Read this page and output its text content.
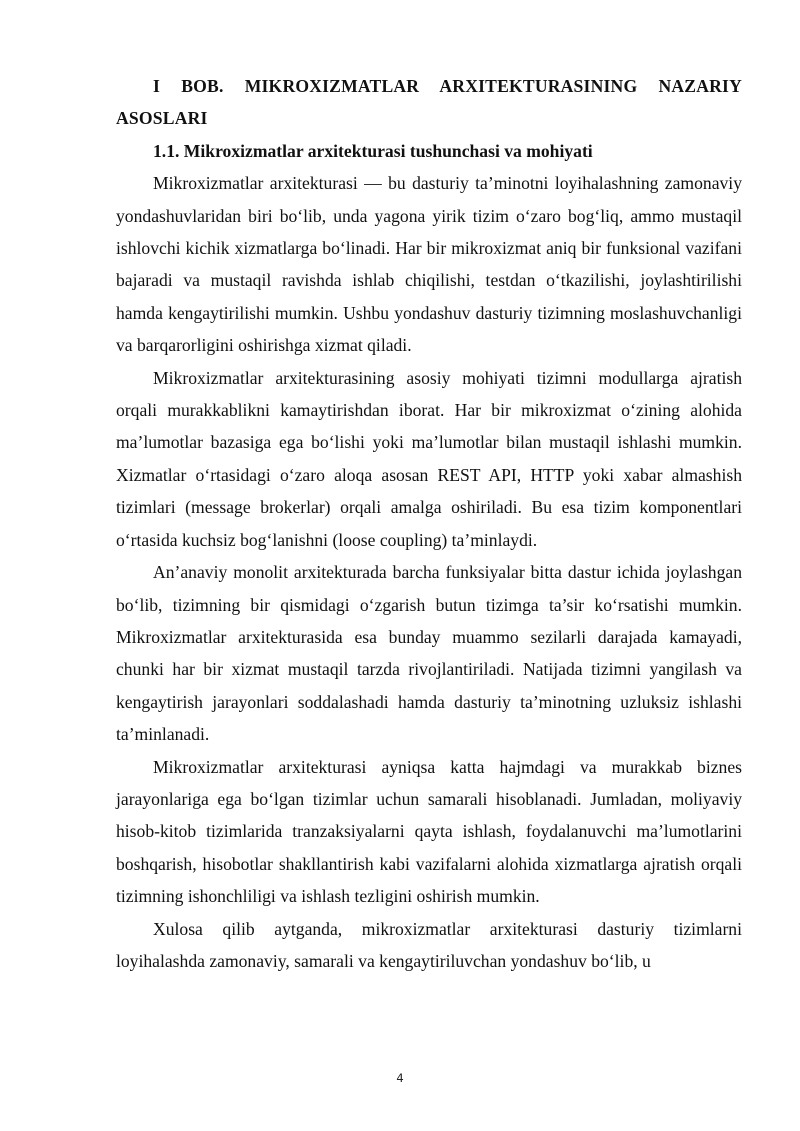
I BOB. MIKROXIZMATLAR ARXITEKTURASINING NAZARIY ASOSLARI

1.1. Mikroxizmatlar arxitekturasi tushunchasi va mohiyati

Mikroxizmatlar arxitekturasi — bu dasturiy ta’minotni loyihalashning zamonaviy yondashuvlaridan biri bo‘lib, unda yagona yirik tizim o‘zaro bog‘liq, ammo mustaqil ishlovchi kichik xizmatlarga bo‘linadi. Har bir mikroxizmat aniq bir funksional vazifani bajaradi va mustaqil ravishda ishlab chiqilishi, testdan o‘tkazilishi, joylashtirilishi hamda kengaytirilishi mumkin. Ushbu yondashuv dasturiy tizimning moslashuvchanligi va barqarorligini oshirishga xizmat qiladi.

Mikroxizmatlar arxitekturasining asosiy mohiyati tizimni modullarga ajratish orqali murakkablikni kamaytirishdan iborat. Har bir mikroxizmat o‘zining alohida ma’lumotlar bazasiga ega bo‘lishi yoki ma’lumotlar bilan mustaqil ishlashi mumkin. Xizmatlar o‘rtasidagi o‘zaro aloqa asosan REST API, HTTP yoki xabar almashish tizimlari (message brokerlar) orqali amalga oshiriladi. Bu esa tizim komponentlari o‘rtasida kuchsiz bog‘lanishni (loose coupling) ta’minlaydi.

An’anaviy monolit arxitekturada barcha funksiyalar bitta dastur ichida joylashgan bo‘lib, tizimning bir qismidagi o‘zgarish butun tizimga ta’sir ko‘rsatishi mumkin. Mikroxizmatlar arxitekturasida esa bunday muammo sezilarli darajada kamayadi, chunki har bir xizmat mustaqil tarzda rivojlantiriladi. Natijada tizimni yangilash va kengaytirish jarayonlari soddalashadi hamda dasturiy ta’minotning uzluksiz ishlashi ta’minlanadi.

Mikroxizmatlar arxitekturasi ayniqsa katta hajmdagi va murakkab biznes jarayonlariga ega bo‘lgan tizimlar uchun samarali hisoblanadi. Jumladan, moliyaviy hisob-kitob tizimlarida tranzaksiyalarni qayta ishlash, foydalanuvchi ma’lumotlarini boshqarish, hisobotlar shakllantirish kabi vazifalarni alohida xizmatlarga ajratish orqali tizimning ishonchliligi va ishlash tezligini oshirish mumkin.

Xulosa qilib aytganda, mikroxizmatlar arxitekturasi dasturiy tizimlarni loyihalashda zamonaviy, samarali va kengaytiriluvchan yondashuv bo‘lib, u

4
